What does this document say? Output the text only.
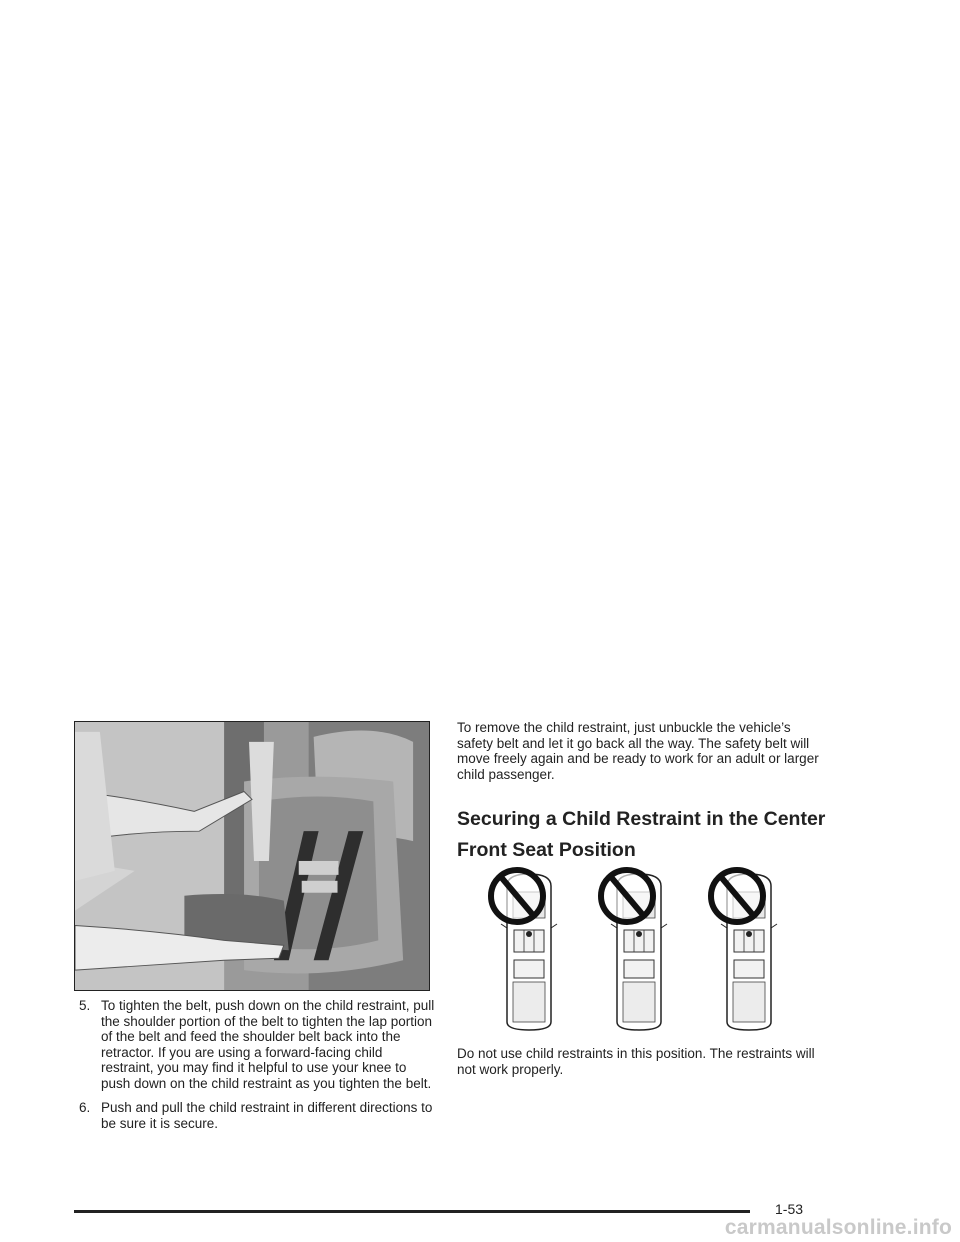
5. To tighten the belt, push down on the child restraint, pull the shoulder portion of the belt to tighten the lap portion of the belt and feed the shoulder belt back into the retractor. If you are using a forward-facing child restraint, you may find it helpful to use your knee to push down on the child restraint as you tighten the belt.
6. Push and pull the child restraint in different directions to be sure it is secure.

To remove the child restraint, just unbuckle the vehicle’s safety belt and let it go back all the way. The safety belt will move freely again and be ready to work for an adult or larger child passenger.

Securing a Child Restraint in the Center Front Seat Position

Do not use child restraints in this position. The restraints will not work properly.

1-53
carmanualsonline.info
